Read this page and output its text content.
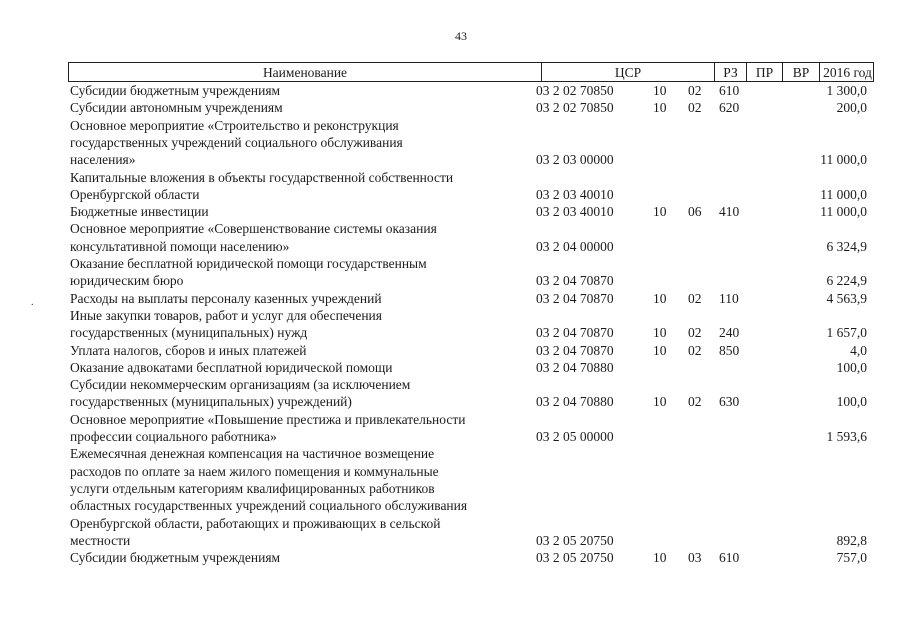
43
Наименование	ЦСР	РЗ	ПР	ВР	2016 год
Субсидии бюджетным учреждениям	03 2 02 70850	10 02 610	1 300,0
Субсидии автономным учреждениям	03 2 02 70850	10 02 620	200,0
Основное мероприятие «Строительство и реконструкция
государственных учреждений социального обслуживания
населения»	03 2 03 00000	11 000,0
Капитальные вложения в объекты государственной собственности
Оренбургской области	03 2 03 40010	11 000,0
Бюджетные инвестиции	03 2 03 40010	10 06 410	11 000,0
Основное мероприятие «Совершенствование системы оказания
консультативной помощи населению»	03 2 04 00000	6 324,9
Оказание бесплатной юридической помощи государственным
юридическим бюро	03 2 04 70870	6 224,9
Расходы на выплаты персоналу казенных учреждений	03 2 04 70870	10 02 110	4 563,9
Иные закупки товаров, работ и услуг для обеспечения
государственных (муниципальных) нужд	03 2 04 70870	10 02 240	1 657,0
Уплата налогов, сборов и иных платежей	03 2 04 70870	10 02 850	4,0
Оказание адвокатами бесплатной юридической помощи	03 2 04 70880	100,0
Субсидии некоммерческим организациям (за исключением
государственных (муниципальных) учреждений)	03 2 04 70880	10 02 630	100,0
Основное мероприятие «Повышение престижа и привлекательности
профессии социального работника»	03 2 05 00000	1 593,6
Ежемесячная денежная компенсация на частичное возмещение
расходов по оплате за наем жилого помещения и коммунальные
услуги отдельным категориям квалифицированных работников
областных государственных учреждений социального обслуживания
Оренбургской области, работающих и проживающих в сельской
местности	03 2 05 20750	892,8
Субсидии бюджетным учреждениям	03 2 05 20750	10 03 610	757,0
.
